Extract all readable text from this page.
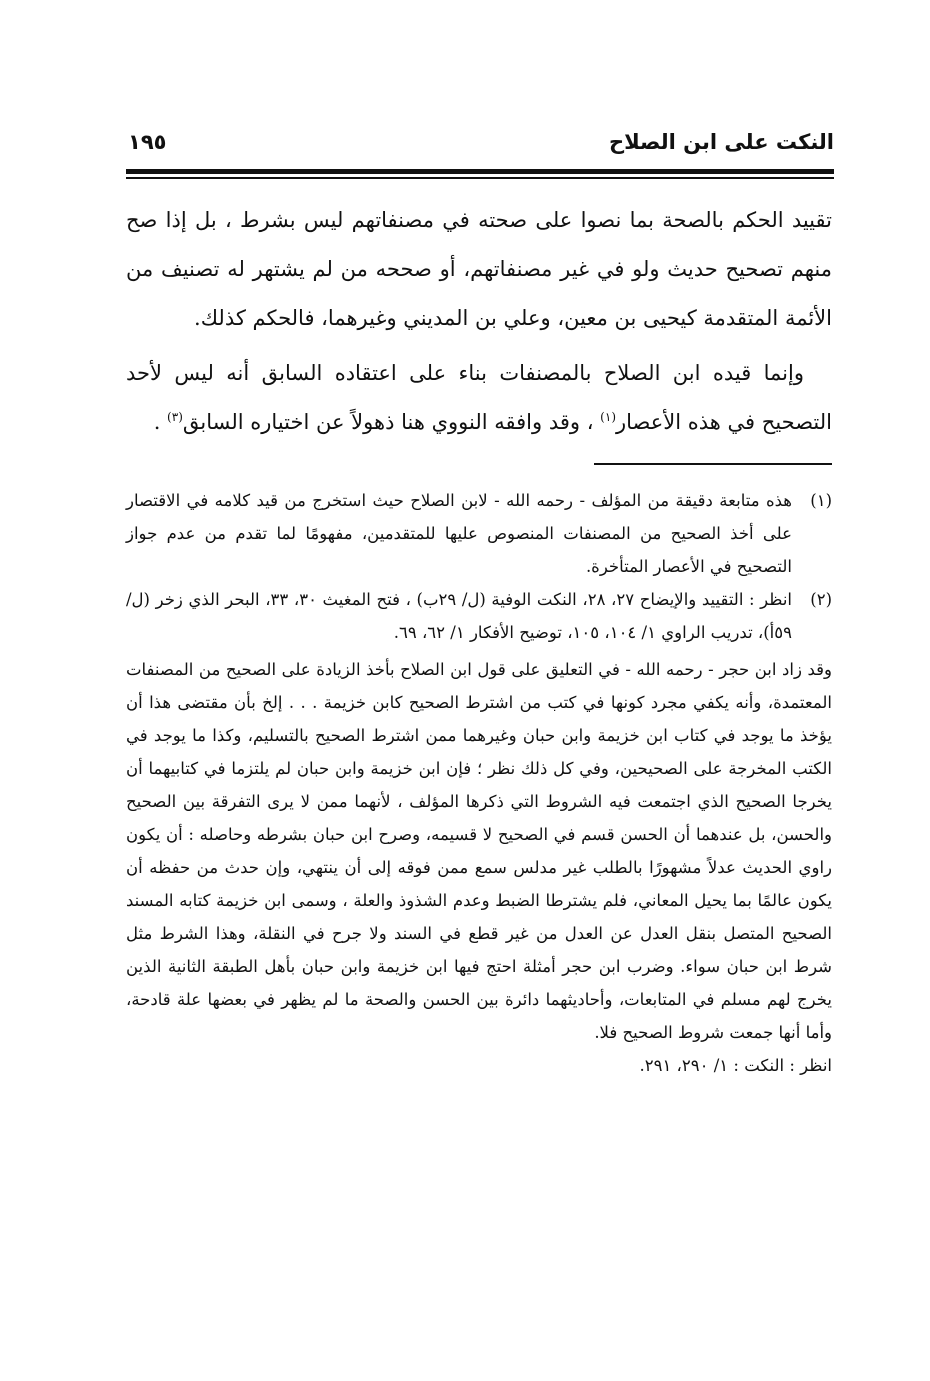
النكت على ابن الصلاح
١٩٥

تقييد الحكم بالصحة بما نصوا على صحته في مصنفاتهم ليس بشرط ، بل إذا صح منهم تصحيح حديث ولو في غير مصنفاتهم، أو صححه من لم يشتهر له تصنيف من الأئمة المتقدمة كيحيى بن معين، وعلي بن المديني وغيرهما، فالحكم كذلك.

وإنما قيده ابن الصلاح بالمصنفات بناء على اعتقاده السابق أنه ليس لأحد التصحيح في هذه الأعصار$^{(١)}$ ، وقد وافقه النووي هنا ذهولاً عن اختياره السابق$^{(٣)}$ .

(١)

هذه متابعة دقيقة من المؤلف - رحمه الله - لابن الصلاح حيث استخرج من قيد كلامه في الاقتصار على أخذ الصحيح من المصنفات المنصوص عليها للمتقدمين، مفهومًا لما تقدم من عدم جواز التصحيح في الأعصار المتأخرة.

(٢)

انظر : التقييد والإيضاح ٢٧، ٢٨، النكت الوفية (ل/ ٢٩ب) ، فتح المغيث ٣٠، ٣٣، البحر الذي زخر (ل/ ٥٩أ)، تدريب الراوي ١/ ١٠٤، ١٠٥، توضيح الأفكار ١/ ٦٢، ٦٩.

وقد زاد ابن حجر - رحمه الله - في التعليق على قول ابن الصلاح بأخذ الزيادة على الصحيح من المصنفات المعتمدة، وأنه يكفي مجرد كونها في كتب من اشترط الصحيح كابن خزيمة . . . إلخ بأن مقتضى هذا أن يؤخذ ما يوجد في كتاب ابن خزيمة وابن حبان وغيرهما ممن اشترط الصحيح بالتسليم، وكذا ما يوجد في الكتب المخرجة على الصحيحين، وفي كل ذلك نظر ؛ فإن ابن خزيمة وابن حبان لم يلتزما في كتابيهما أن يخرجا الصحيح الذي اجتمعت فيه الشروط التي ذكرها المؤلف ، لأنهما ممن لا يرى التفرقة بين الصحيح والحسن، بل عندهما أن الحسن قسم في الصحيح لا قسيمه، وصرح ابن حبان بشرطه وحاصله : أن يكون راوي الحديث عدلاً مشهورًا بالطلب غير مدلس سمع ممن فوقه إلى أن ينتهي، وإن حدث من حفظه أن يكون عالمًا بما يحيل المعاني، فلم يشترطا الضبط وعدم الشذوذ والعلة ، وسمى ابن خزيمة كتابه المسند الصحيح المتصل بنقل العدل عن العدل من غير قطع في السند ولا جرح في النقلة، وهذا الشرط مثل شرط ابن حبان سواء. وضرب ابن حجر أمثلة احتج فيها ابن خزيمة وابن حبان بأهل الطبقة الثانية الذين يخرج لهم مسلم في المتابعات، وأحاديثهما دائرة بين الحسن والصحة ما لم يظهر في بعضها علة قادحة، وأما أنها جمعت شروط الصحيح فلا.

انظر : النكت : ١/ ٢٩٠، ٢٩١.
